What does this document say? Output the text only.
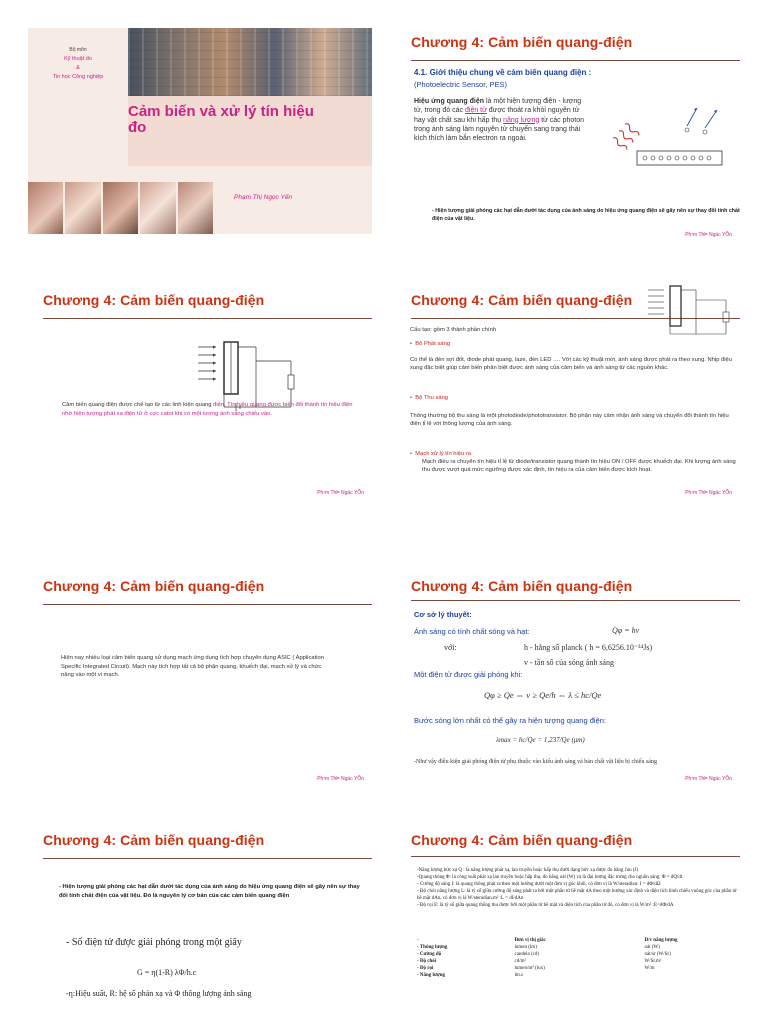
Bộ môn
Kỹ thuật đo
&
Tin học Công nghiệp
Cảm biến và xử lý tín hiệu đo
Phạm Thị Ngọc Yến
Chương 4: Cảm biến quang-điện
4.1. Giới thiệu chung về cảm biến quang điện :
(Photoelectric Sensor, PES)
Hiệu ứng quang điện là một hiện tượng điện - lượng tử, trong đó các điện tử được thoát ra khỏi nguyên tử hay vật chất sau khi hấp thụ năng lượng từ các photon trong ánh sáng làm nguyên tử chuyển sang trạng thái kích thích làm bắn electron ra ngoài.
- Hiện tượng giải phóng các hạt dẫn dưới tác dụng của ánh sáng do hiệu ứng quang điện sẽ gây nên sự thay đổi tính chất điện của vật liệu.
Ph¹m ThÞ Ngäc YÕn
Chương 4: Cảm biến quang-điện
Cảm biến quang điện được chế tạo từ các linh kiện quang điện. Tín hiệu quang được biến đổi thành tín hiệu điện nhờ hiện tượng phát xạ điện tử ở cực catot khi có một lượng ánh sáng chiếu vào.
Ph¹m ThÞ Ngäc YÕn
Chương 4: Cảm biến quang-điện
Cấu tạo: gồm 3 thành phần chính
• Bộ Phát sáng
Có thể là đèn sợi đốt, diode phát quang, laze, đèn LED …. Với các kỹ thuật mới, ánh sáng được phát ra theo xung. Nhịp điệu xung đặc biệt giúp cảm biến phân biệt được ánh sáng của cảm biến và ánh sáng từ các nguồn khác.
• Bộ Thu sáng
Thông thường bộ thu sáng là một photodiode/phototransistor. Bộ phận này cảm nhận ánh sáng và chuyển đổi thành tín hiệu điện tỉ lệ với thông lượng của ánh sáng.
• Mạch xử lý tín hiệu ra
Mạch điều ra chuyển tín hiệu tỉ lệ từ diode/transistor quang thành tín hiệu ON / OFF được khuếch đại. Khi lượng ánh sáng thu được vượt quá mức ngưỡng được xác định, tín hiệu ra của cảm biến được kích hoạt.
Ph¹m ThÞ Ngäc YÕn
Chương 4: Cảm biến quang-điện
Hiện nay nhiều loại cảm biến quang sử dụng mạch ứng dụng tích hợp chuyên dụng ASIC ( Application Specific Integrated Circuit). Mạch này tích hợp tất cả bộ phận quang, khuếch đại, mạch xử lý và chức năng vào một vi mạch.
Ph¹m ThÞ Ngäc YÕn
Chương 4: Cảm biến quang-điện
Cơ sở lý thuyết:
Ánh sáng có tính chất sóng và hạt:	Qφ = hv
với:	h - hằng số planck ( h = 6,6256.10⁻³⁴Js)
v - tần số của sóng ánh sáng
Một điện tử được giải phóng khi:
Qφ ≥ Qe ⇔ v ≥ Qe/h ⇔ λ ≤ hc/Qe
Bước sóng lớn nhất có thể gây ra hiện tượng quang điện:
λmax = hc/Qe = 1,237/Qe (μm)
-Như vậy điều kiện giải phóng điện tử phụ thuộc vào kiểu ánh sáng và bản chất vật liệu bị chiếu sáng
Ph¹m ThÞ Ngäc YÕn
Chương 4: Cảm biến quang-điện
- Hiện tượng giải phóng các hạt dẫn dưới tác dụng của ánh sáng do hiệu ứng quang điện sẽ gây nên sự thay đổi tính chất điện của vật liệu. Đó là nguyên lý cơ bản của các cảm biến quang điện
- Số điện tử được giải phóng trong một giây
G = η(1-R) λΦ/h.c
-η:Hiệu suất, R: hệ số phản xạ và Φ thông lượng ánh sáng
Chương 4: Cảm biến quang-điện
-Năng lượng bức xạ Q : là năng lượng phát xạ, lan truyền hoặc hấp thụ dưới dạng bức xạ được đo bằng Jun (J)
-Quang thông Φ: là công suất phát xạ lan truyền hoặc hấp thụ, đo bằng oát (W) và là đại lượng đặc trưng cho nguồn sáng: Φ = dQ/dt
- Cường độ sáng I: là quang thông phát ra theo một hướng dưới một đơn vị góc khối, có đơn vị là W/steradian: I = dΦ/dΩ
- Độ chói năng lượng L: là tỷ số giữa cường độ sáng phát ra bởi một phần tử bề mặt dA theo một hướng xác định và diện tích hình chiếu vuông góc của phần tử bề mặt dAn, có đơn vị là W/steradian.m² :L = dI/dAn
- Độ rọi E: là tỷ số giữa quang thông thu được bởi một phần tử bề mặt và diện tích của phần tử đó, có đơn vị là W/m² :E=dΦ/dA
-	Đơn vị thị giác	Đ/v năng lượng
- Thông lượng	lumen (lm)	oát (W)
- Cường độ	candela (cd)	oát/sr (W/Sr)
- Độ chói	cd/m²	W/Sr.m²
- Độ rọi	lumen/m² (lux)	W/m
- Năng lượng	lm.s	
